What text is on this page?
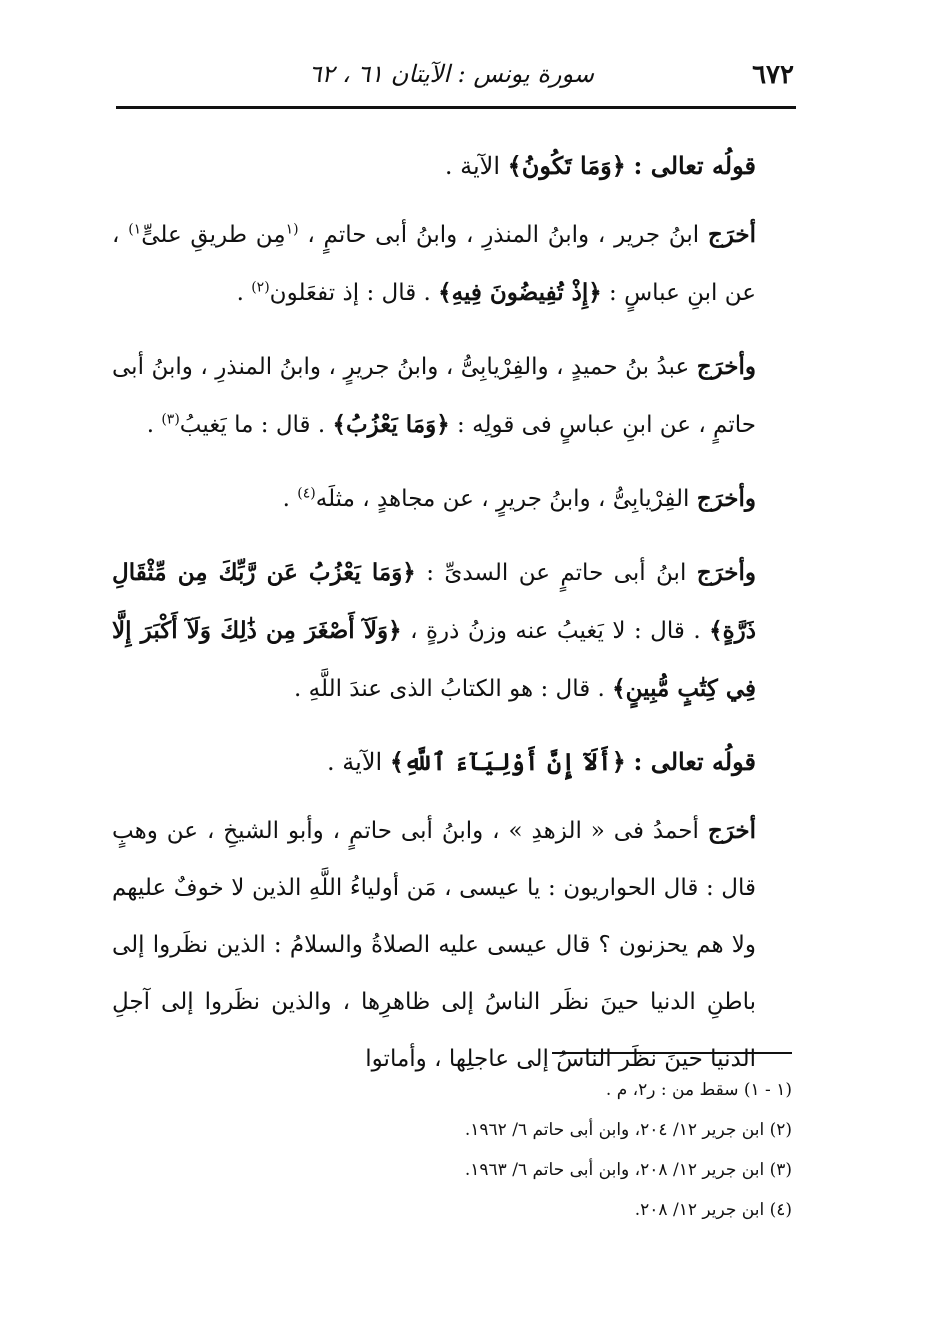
٦٧٢
سورة يونس : الآيتان ٦١ ، ٦٢

قولُه تعالى : ﴿وَمَا تَكُونُ﴾ الآية .

أخرَج ابنُ جرير ، وابنُ المنذرِ ، وابنُ أبى حاتمٍ ، $^{(١}$مِن طريقِ علىٍّ$^{١)}$ ، عن ابنِ عباسٍ : ﴿إِذْ تُفِيضُونَ فِيهِ﴾ . قال : إذ تفعَلون$^{(٢)}$ .

وأخرَج عبدُ بنُ حميدٍ ، والفِرْيابِىُّ ، وابنُ جريرٍ ، وابنُ المنذرِ ، وابنُ أبى حاتمٍ ، عن ابنِ عباسٍ فى قولِه : ﴿وَمَا يَعْزُبُ﴾ . قال : ما يَغيبُ$^{(٣)}$ .

وأخرَج الفِرْيابِىُّ ، وابنُ جريرٍ ، عن مجاهدٍ ، مثلَه$^{(٤)}$ .

وأخرَج ابنُ أبى حاتمٍ عن السدىِّ : ﴿وَمَا يَعْزُبُ عَن رَّبِّكَ مِن مِّثْقَالِ ذَرَّةٍ﴾ . قال : لا يَغيبُ عنه وزنُ ذرةٍ ، ﴿وَلَآ أَصْغَرَ مِن ذَٰلِكَ وَلَآ أَكْبَرَ إِلَّا فِي كِتَٰبٍ مُّبِينٍ﴾ . قال : هو الكتابُ الذى عندَ اللَّهِ .

قولُه تعالى : ﴿أَلَآ إِنَّ أَوْلِيَآءَ ٱللَّهِ﴾ الآية .

أخرَج أحمدُ فى « الزهدِ » ، وابنُ أبى حاتمٍ ، وأبو الشيخِ ، عن وهبٍ قال : قال الحواريون : يا عيسى ، مَن أولياءُ اللَّهِ الذين لا خوفٌ عليهم ولا هم يحزنون ؟ قال عيسى عليه الصلاةُ والسلامُ : الذين نظَروا إلى باطنِ الدنيا حينَ نظَر الناسُ إلى ظاهرِها ، والذين نظَروا إلى آجلِ الدنيا حينَ نظَر الناسُ إلى عاجلِها ، وأماتوا

(١ - ١) سقط من : ر٢، م .
(٢) ابن جرير ١٢/ ٢٠٤، وابن أبى حاتم ٦/ ١٩٦٢.
(٣) ابن جرير ١٢/ ٢٠٨، وابن أبى حاتم ٦/ ١٩٦٣.
(٤) ابن جرير ١٢/ ٢٠٨.
